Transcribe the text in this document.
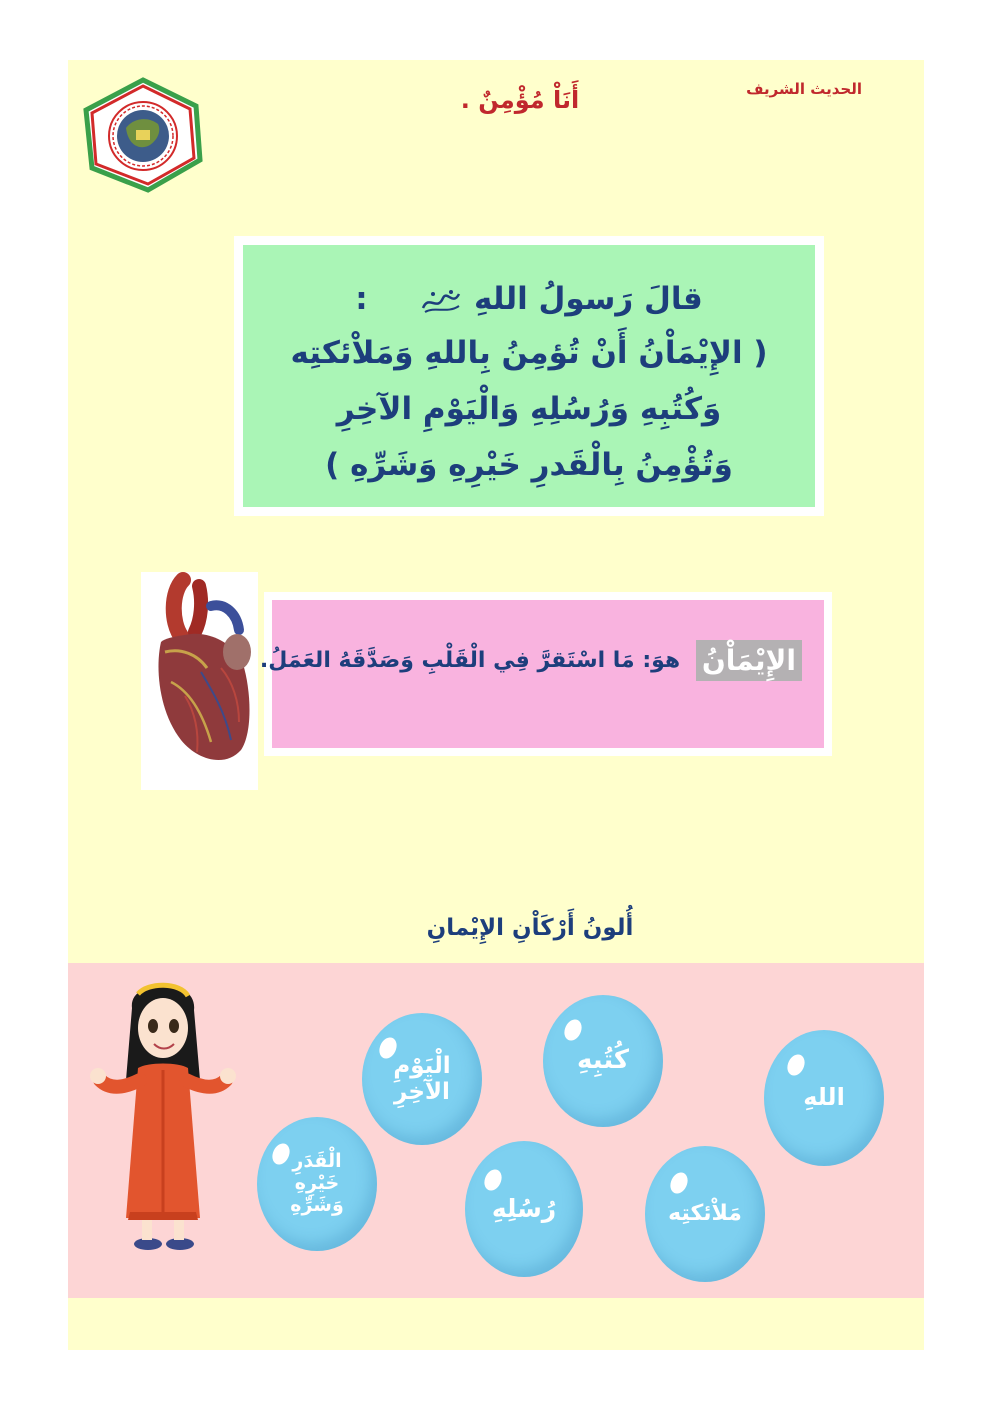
الحديث الشريف
أَنَاْ مُؤْمِنٌ .
قالَ رَسولُ اللهِ   :
( الإِيْمَاْنُ أَنْ تُؤمِنُ بِاللهِ وَمَلاْئكتِه
وَكُتُبِهِ وَرُسُلِهِ وَالْيَوْمِ الآخِرِ
وَتُؤْمِنُ بِالْقَدرِ خَيْرِهِ وَشَرِّهِ )
الإِيْمَاْنُ هوَ: مَا اسْتَقرَّ فِي الْقَلْبِ وَصَدَّقَهُ العَمَلُ.
أُلونُ أَرْكَاْنِ الإِيْمانِ
اللهِ
كُتُبِهِ
الْيَوْمِ
الآخِرِ
مَلاْئكتِه
رُسُلِهِ
الْقَدَرِ
خَيْرِهِ
وَشَرِّهِ
